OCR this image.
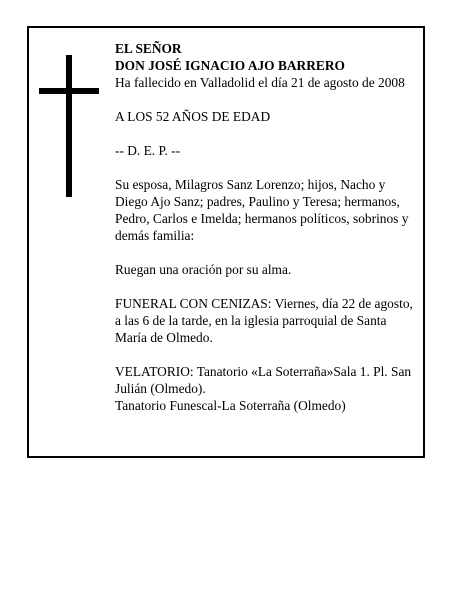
EL SEÑOR

DON JOSÉ IGNACIO AJO BARRERO

Ha fallecido en Valladolid el día 21 de agosto de 2008

A LOS 52 AÑOS DE EDAD

-- D. E. P. --

Su esposa, Milagros Sanz Lorenzo; hijos, Nacho y Diego Ajo Sanz; padres, Paulino y Teresa; hermanos, Pedro, Carlos e Imelda; hermanos políticos, sobrinos y demás familia:

Ruegan una oración por su alma.

FUNERAL CON CENIZAS: Viernes, día 22 de agosto, a las 6 de la tarde, en la iglesia parroquial de Santa María de Olmedo.

VELATORIO: Tanatorio «La Soterraña»Sala 1. Pl. San Julián (Olmedo).

Tanatorio Funescal-La Soterraña (Olmedo)
